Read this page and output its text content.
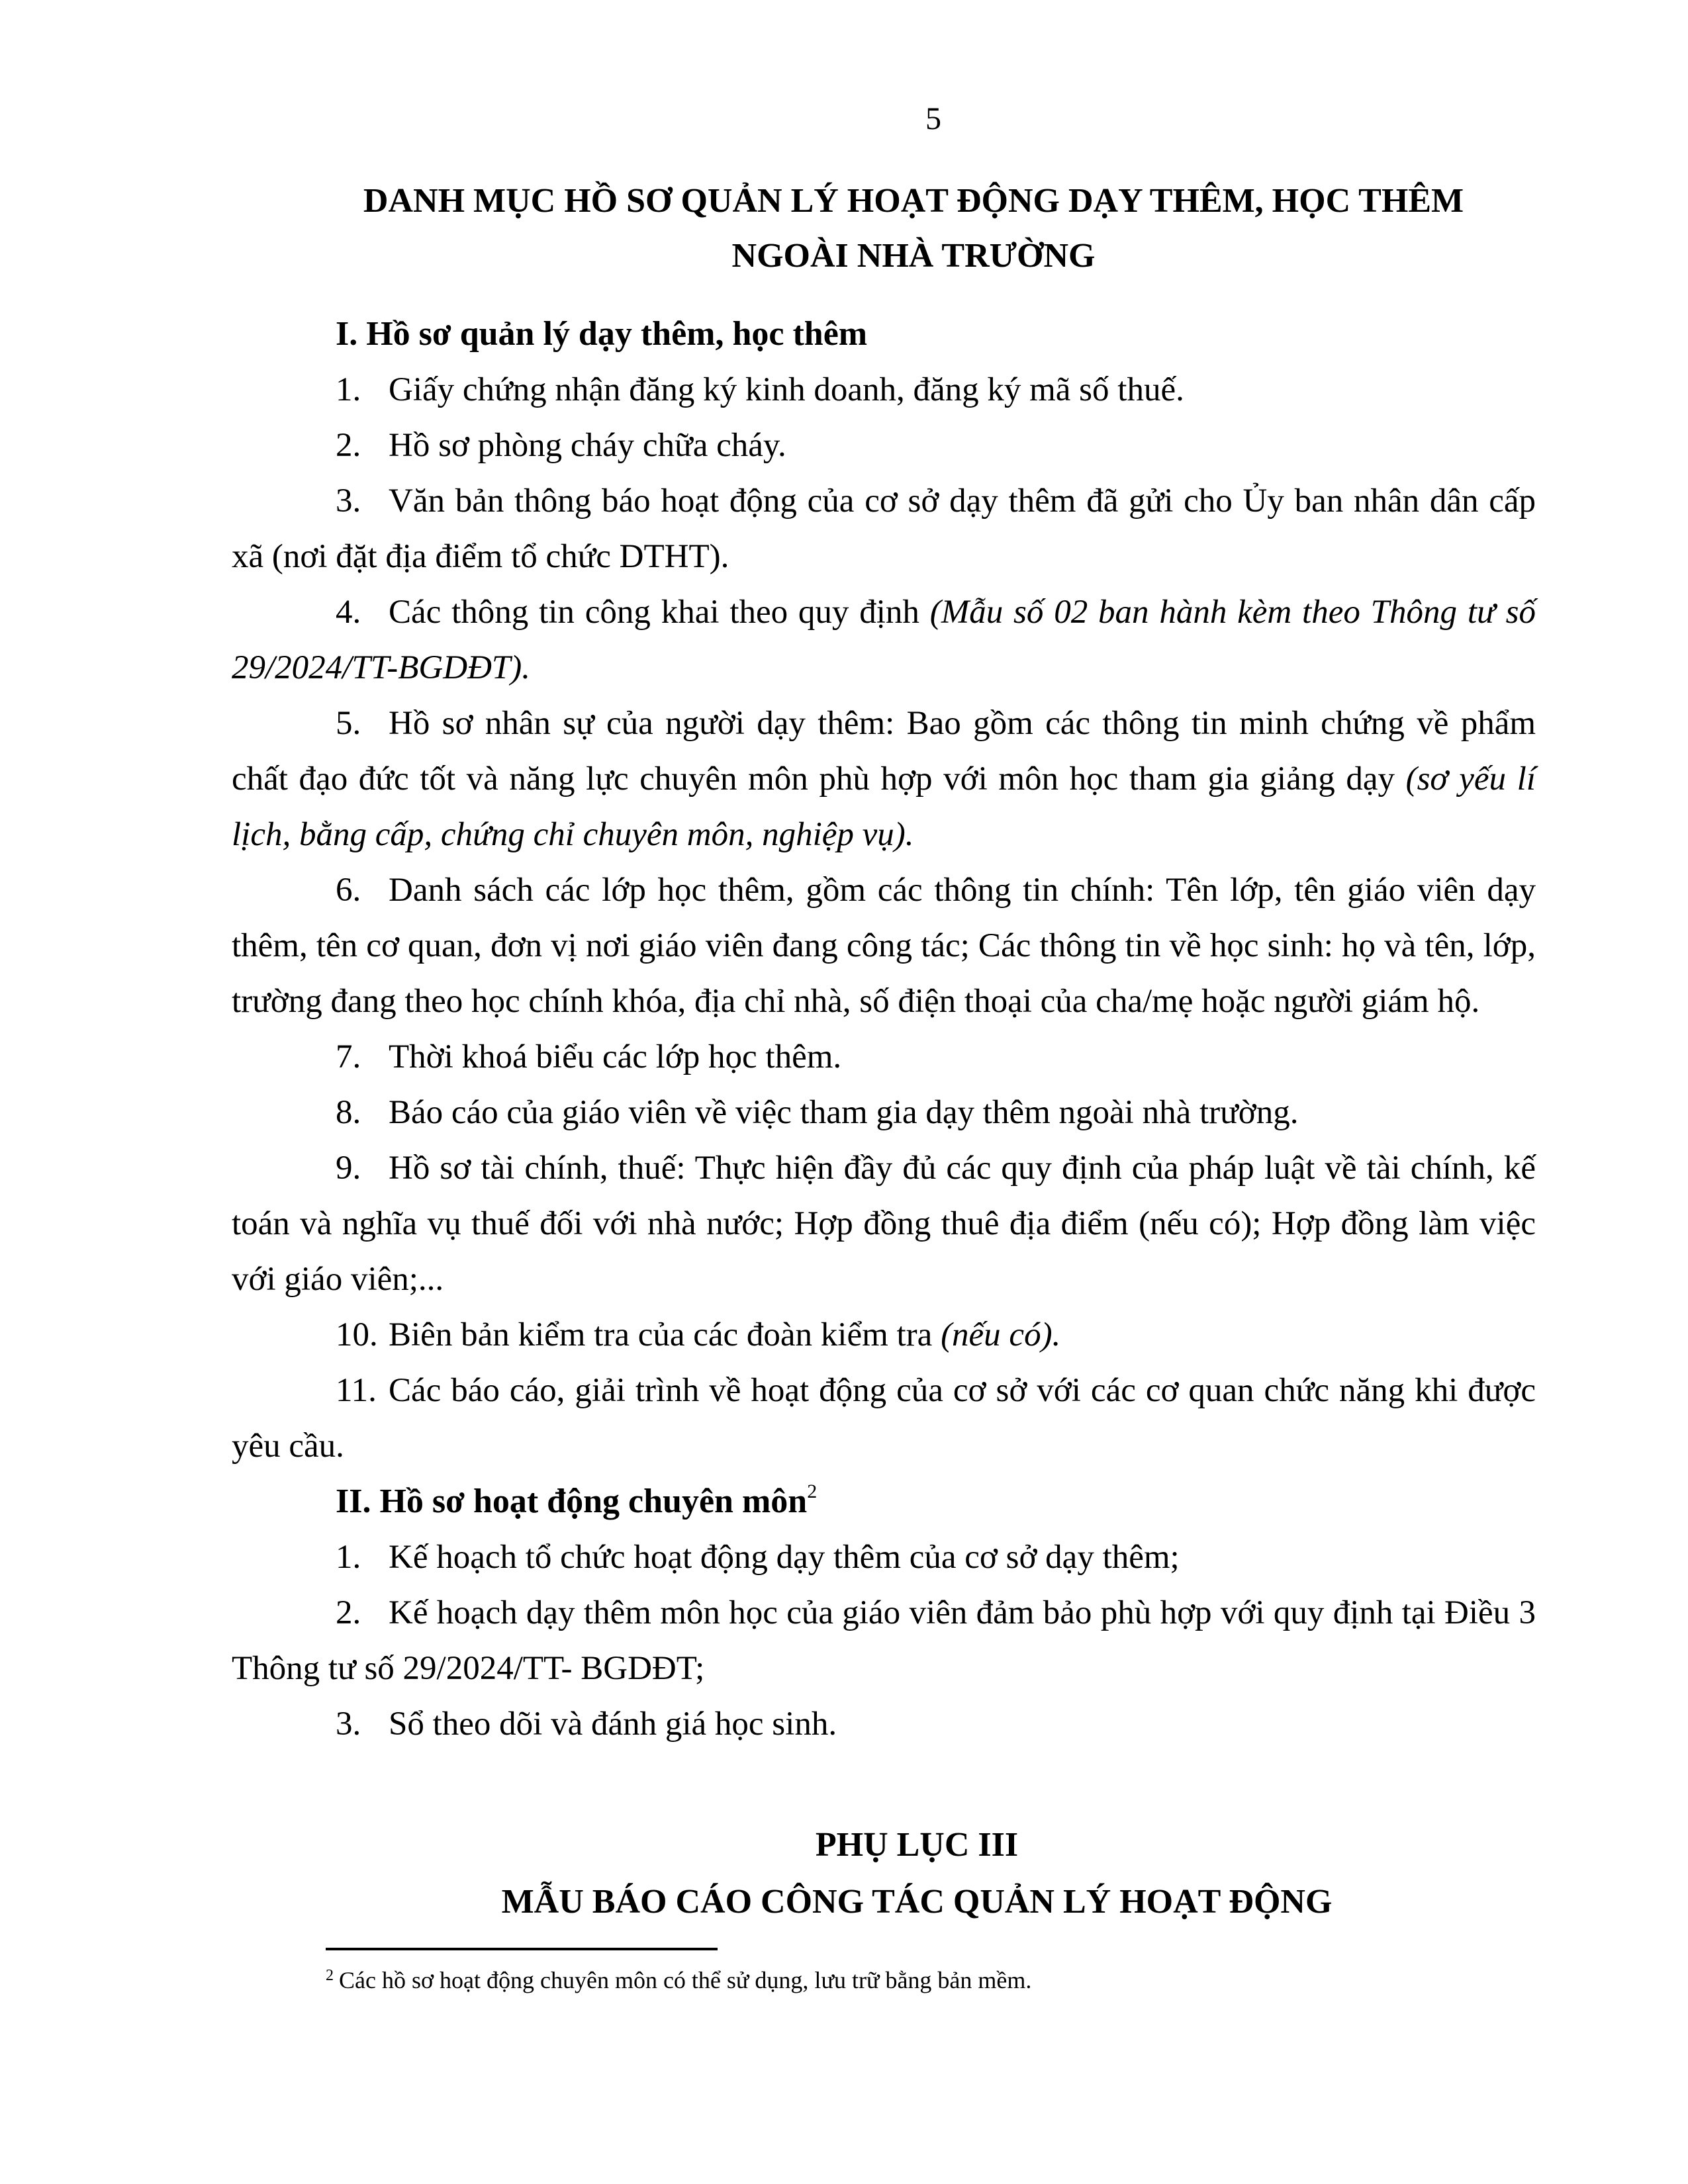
5
DANH MỤC HỒ SƠ QUẢN LÝ HOẠT ĐỘNG DẠY THÊM, HỌC THÊM
NGOÀI NHÀ TRƯỜNG

I. Hồ sơ quản lý dạy thêm, học thêm

1. Giấy chứng nhận đăng ký kinh doanh, đăng ký mã số thuế.

2. Hồ sơ phòng cháy chữa cháy.

3. Văn bản thông báo hoạt động của cơ sở dạy thêm đã gửi cho Ủy ban nhân dân cấp xã (nơi đặt địa điểm tổ chức DTHT).

4. Các thông tin công khai theo quy định (Mẫu số 02 ban hành kèm theo Thông tư số 29/2024/TT-BGDĐT).

5. Hồ sơ nhân sự của người dạy thêm: Bao gồm các thông tin minh chứng về phẩm chất đạo đức tốt và năng lực chuyên môn phù hợp với môn học tham gia giảng dạy (sơ yếu lí lịch, bằng cấp, chứng chỉ chuyên môn, nghiệp vụ).

6. Danh sách các lớp học thêm, gồm các thông tin chính: Tên lớp, tên giáo viên dạy thêm, tên cơ quan, đơn vị nơi giáo viên đang công tác; Các thông tin về học sinh: họ và tên, lớp, trường đang theo học chính khóa, địa chỉ nhà, số điện thoại của cha/mẹ hoặc người giám hộ.

7. Thời khoá biểu các lớp học thêm.

8. Báo cáo của giáo viên về việc tham gia dạy thêm ngoài nhà trường.

9. Hồ sơ tài chính, thuế: Thực hiện đầy đủ các quy định của pháp luật về tài chính, kế toán và nghĩa vụ thuế đối với nhà nước; Hợp đồng thuê địa điểm (nếu có); Hợp đồng làm việc với giáo viên;...

10. Biên bản kiểm tra của các đoàn kiểm tra (nếu có).

11. Các báo cáo, giải trình về hoạt động của cơ sở với các cơ quan chức năng khi được yêu cầu.

II. Hồ sơ hoạt động chuyên môn$^2$

1. Kế hoạch tổ chức hoạt động dạy thêm của cơ sở dạy thêm;

2. Kế hoạch dạy thêm môn học của giáo viên đảm bảo phù hợp với quy định tại Điều 3 Thông tư số 29/2024/TT- BGDĐT;

3. Sổ theo dõi và đánh giá học sinh.

PHỤ LỤC III
MẪU BÁO CÁO CÔNG TÁC QUẢN LÝ HOẠT ĐỘNG
$^2$ Các hồ sơ hoạt động chuyên môn có thể sử dụng, lưu trữ bằng bản mềm.
